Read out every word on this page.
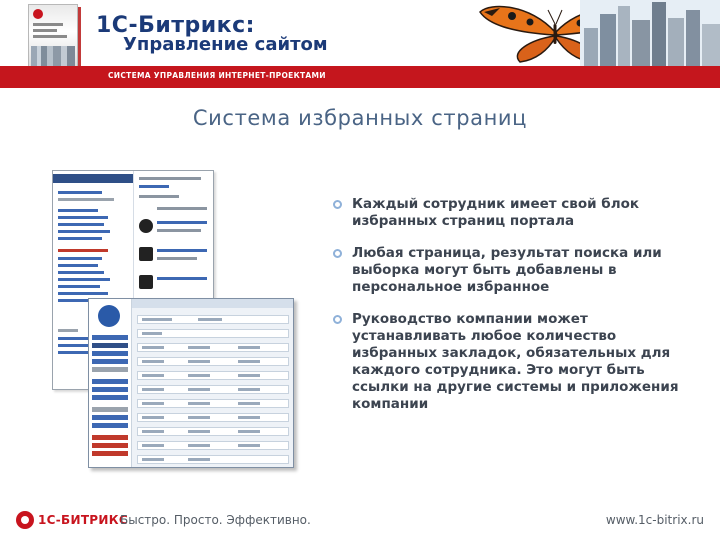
1С-Битрикс:
Управление сайтом
СИСТЕМА УПРАВЛЕНИЯ ИНТЕРНЕТ-ПРОЕКТАМИ
Система избранных страниц
Каждый сотрудник имеет свой блок избранных страниц портала
Любая страница, результат поиска или выборка могут быть добавлены в персональное избранное
Руководство компании может устанавливать любое количество избранных закладок, обязательных для каждого сотрудника. Это могут быть ссылки на другие системы и приложения компании
1С-БИТРИКС
Быстро. Просто. Эффективно.	www.1c-bitrix.ru
